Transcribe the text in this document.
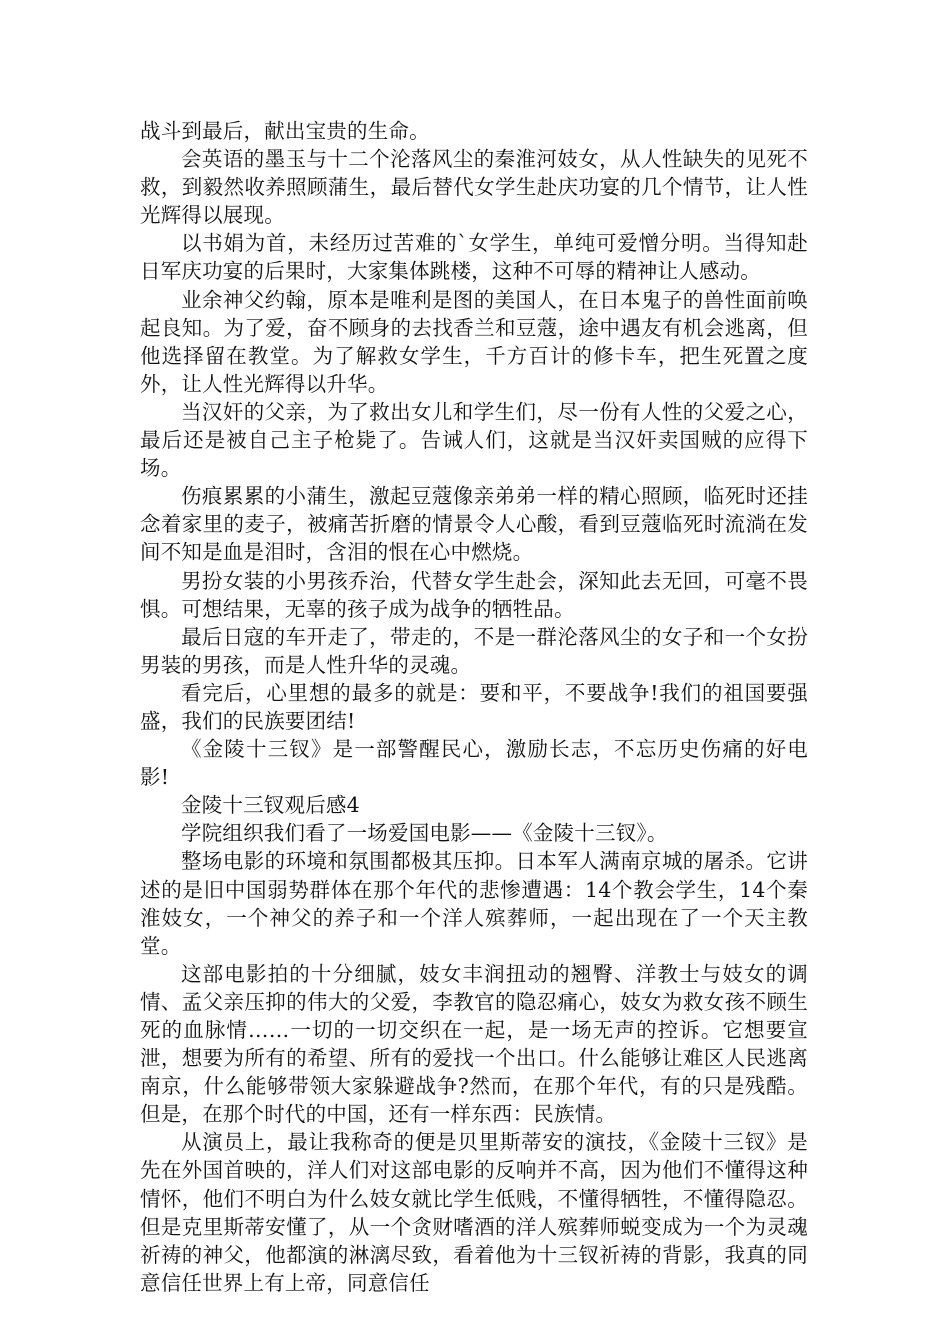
战斗到最后，献出宝贵的生命。

会英语的墨玉与十二个沦落风尘的秦淮河妓女，从人性缺失的见死不救，到毅然收养照顾蒲生，最后替代女学生赴庆功宴的几个情节，让人性光辉得以展现。

以书娟为首，未经历过苦难的`女学生，单纯可爱憎分明。当得知赴日军庆功宴的后果时，大家集体跳楼，这种不可辱的精神让人感动。

业余神父约翰，原本是唯利是图的美国人，在日本鬼子的兽性面前唤起良知。为了爱，奋不顾身的去找香兰和豆蔻，途中遇友有机会逃离，但他选择留在教堂。为了解救女学生，千方百计的修卡车，把生死置之度外，让人性光辉得以升华。

当汉奸的父亲，为了救出女儿和学生们，尽一份有人性的父爱之心，最后还是被自己主子枪毙了。告诫人们，这就是当汉奸卖国贼的应得下场。

伤痕累累的小蒲生，激起豆蔻像亲弟弟一样的精心照顾，临死时还挂念着家里的麦子，被痛苦折磨的情景令人心酸，看到豆蔻临死时流淌在发间不知是血是泪时，含泪的恨在心中燃烧。

男扮女装的小男孩乔治，代替女学生赴会，深知此去无回，可毫不畏惧。可想结果，无辜的孩子成为战争的牺牲品。

最后日寇的车开走了，带走的，不是一群沦落风尘的女子和一个女扮男装的男孩，而是人性升华的灵魂。

看完后，心里想的最多的就是：要和平，不要战争!我们的祖国要强盛，我们的民族要团结!

《金陵十三钗》是一部警醒民心，激励长志，不忘历史伤痛的好电影!

金陵十三钗观后感4

学院组织我们看了一场爱国电影——《金陵十三钗》。

整场电影的环境和氛围都极其压抑。日本军人满南京城的屠杀。它讲述的是旧中国弱势群体在那个年代的悲惨遭遇：14个教会学生，14个秦淮妓女，一个神父的养子和一个洋人殡葬师，一起出现在了一个天主教堂。

这部电影拍的十分细腻，妓女丰润扭动的翘臀、洋教士与妓女的调情、孟父亲压抑的伟大的父爱，李教官的隐忍痛心，妓女为救女孩不顾生死的血脉情……一切的一切交织在一起，是一场无声的控诉。它想要宣泄，想要为所有的希望、所有的爱找一个出口。什么能够让难区人民逃离南京，什么能够带领大家躲避战争?然而，在那个年代，有的只是残酷。但是，在那个时代的中国，还有一样东西：民族情。

从演员上，最让我称奇的便是贝里斯蒂安的演技，《金陵十三钗》是先在外国首映的，洋人们对这部电影的反响并不高，因为他们不懂得这种情怀，他们不明白为什么妓女就比学生低贱，不懂得牺牲，不懂得隐忍。但是克里斯蒂安懂了，从一个贪财嗜酒的洋人殡葬师蜕变成为一个为灵魂祈祷的神父，他都演的淋漓尽致，看着他为十三钗祈祷的背影，我真的同意信任世界上有上帝，同意信任
